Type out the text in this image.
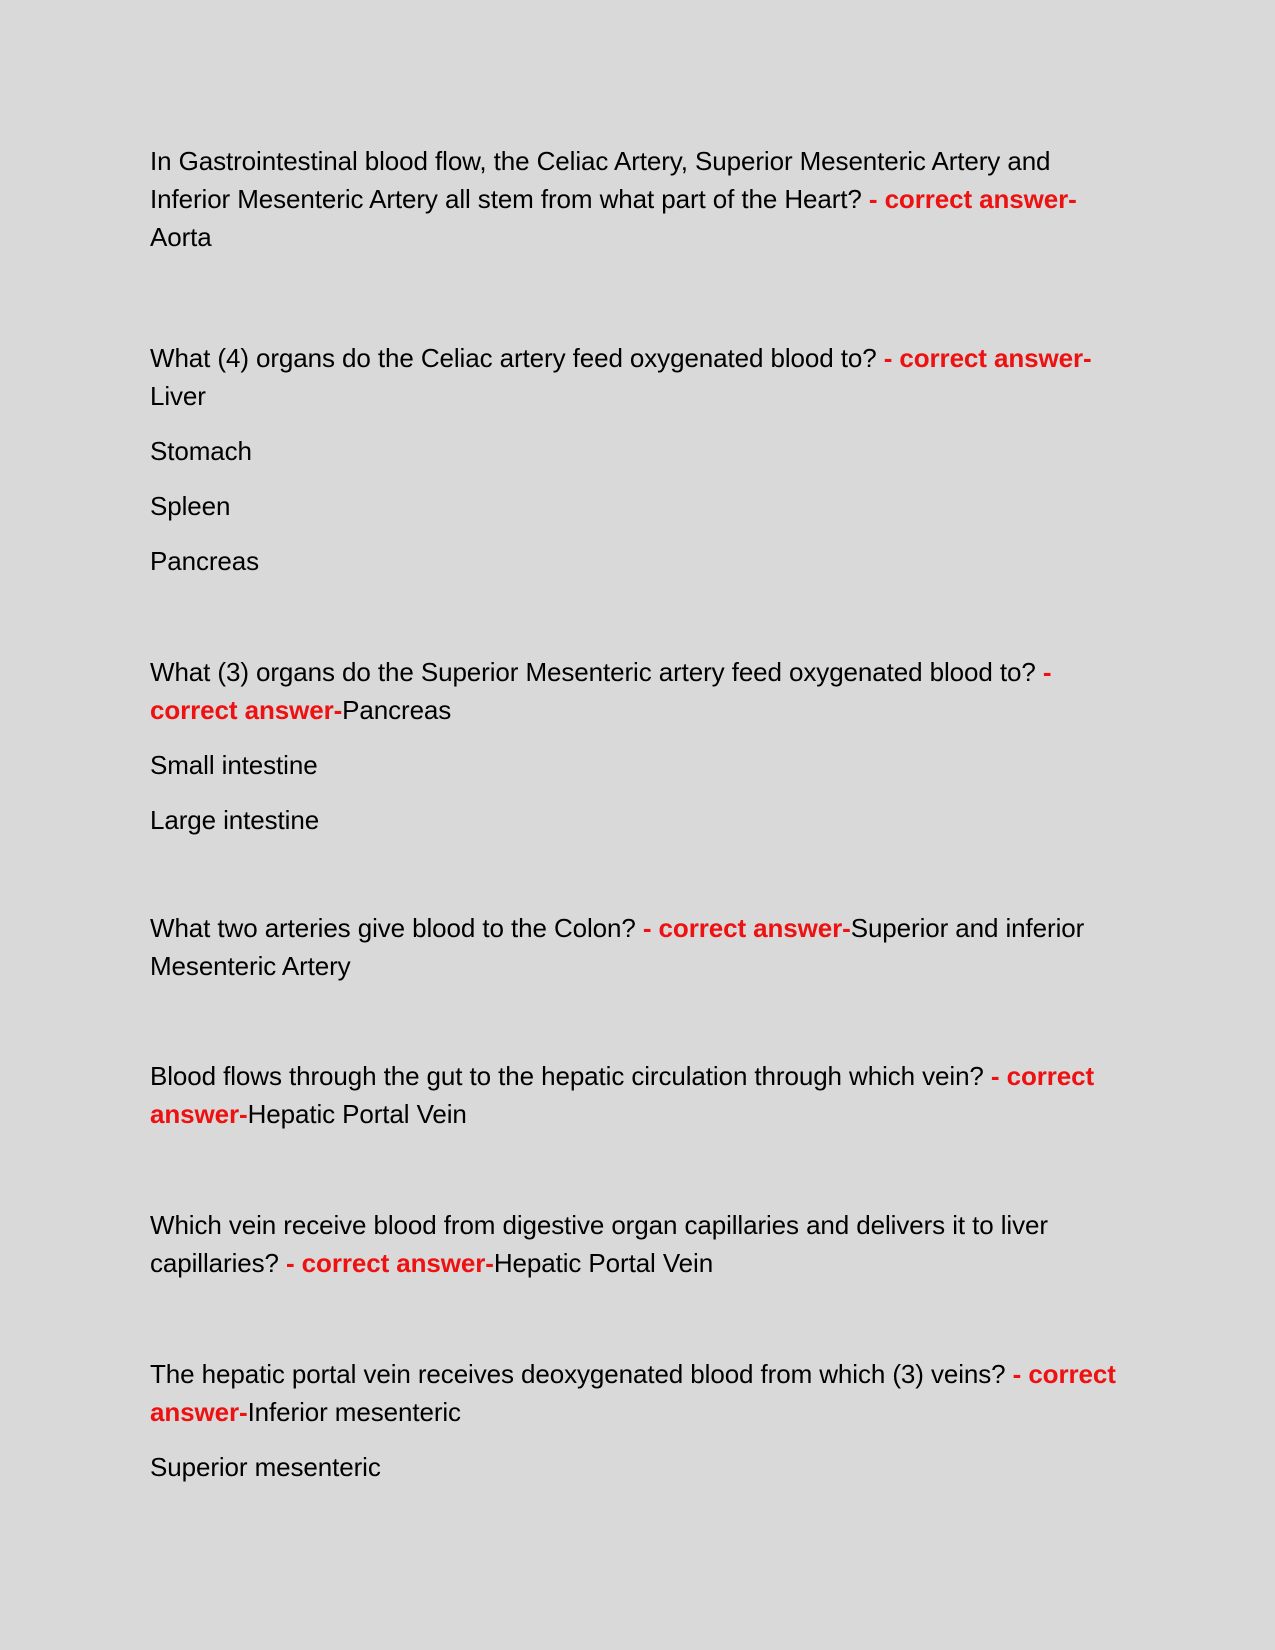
In Gastrointestinal blood flow, the Celiac Artery, Superior Mesenteric Artery and Inferior Mesenteric Artery all stem from what part of the Heart? - correct answer-Aorta

What (4) organs do the Celiac artery feed oxygenated blood to? - correct answer-Liver

Stomach

Spleen

Pancreas

What (3) organs do the Superior Mesenteric artery feed oxygenated blood to? - correct answer-Pancreas

Small intestine

Large intestine

What two arteries give blood to the Colon? - correct answer-Superior and inferior Mesenteric Artery

Blood flows through the gut to the hepatic circulation through which vein? - correct answer-Hepatic Portal Vein

Which vein receive blood from digestive organ capillaries and delivers it to liver capillaries? - correct answer-Hepatic Portal Vein

The hepatic portal vein receives deoxygenated blood from which (3) veins? - correct answer-Inferior mesenteric

Superior mesenteric
